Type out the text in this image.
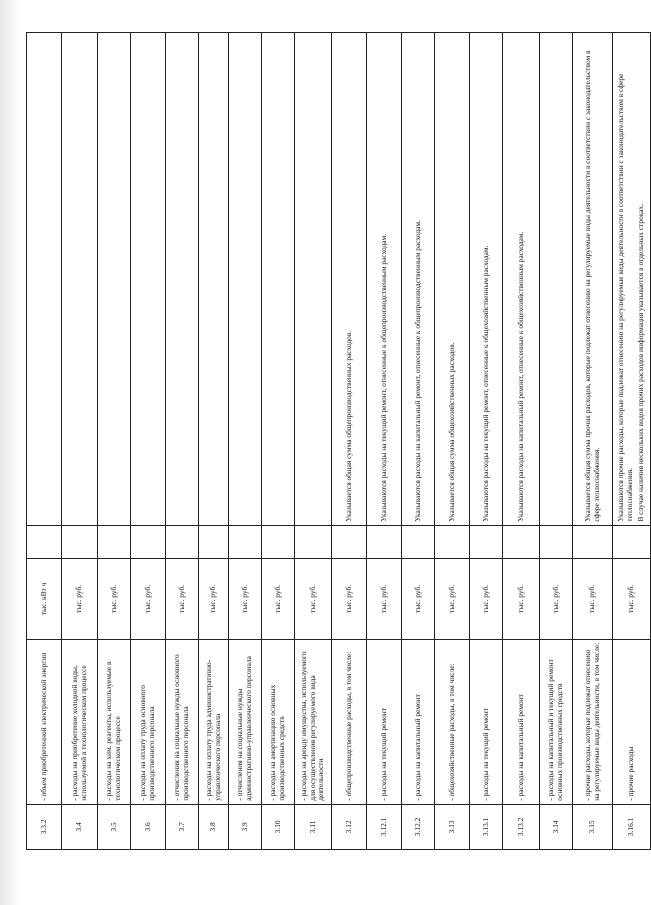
3.3.2	- объем приобретенной электрической энергии	тыс. кВт ч		

3.4	- расходы на приобретение холодной воды, используемой в технологическом процессе	тыс. руб.		

3.5	- расходы на хим. реагенты, используемые в технологическом процессе	тыс. руб.		

3.6	- расходы на оплату труда основного производственного персонала	тыс. руб.		

3.7	- отчисления на социальные нужды основного производственного персонала	тыс. руб.		

3.8	- расходы на оплату труда административно-управленческого персонала	тыс. руб.		

3.9	- отчисления на социальные нужды административно-управленческого персонала	тыс. руб.		

3.10	- расходы на амортизацию основных производственных средств	тыс. руб.		

3.11	- расходы на аренду имущества, используемого для осуществления регулируемого вида деятельности	тыс. руб.		

3.12	- общепроизводственные расходы, в том числе:	тыс. руб.		Указывается общая сумма общепроизводственных расходов.

3.12.1	- расходы на текущий ремонт	тыс. руб.		Указываются расходы на текущий ремонт, отнесенные к общепроизводственным расходам.

3.12.2	- расходы на капитальный ремонт	тыс. руб.		Указываются расходы на капитальный ремонт, отнесенные к общепроизводственным расходам.

3.13	- общехозяйственные расходы, в том числе:	тыс. руб.		Указывается общая сумма общехозяйственных расходов.

3.13.1	- расходы на текущий ремонт	тыс. руб.		Указываются расходы на текущий ремонт, отнесенные к общехозяйственным расходам.

3.13.2	- расходы на капитальный ремонт	тыс. руб.		Указываются расходы на капитальный ремонт, отнесенные к общехозяйственным расходам.

3.14	- расходы на капитальный и текущий ремонт основных производственных средств	тыс. руб.		

3.15	- прочие расходы, которые подлежат отнесению на регулируемые виды деятельности, в том числе:	тыс. руб.		Указывается общая сумма прочих расходов, которые подлежат отнесению на регулируемые виды деятельности в соответствии с законодательством в сфере теплоснабжения.

3.16.1	- прочие расходы	тыс. руб.		Указываются прочие расходы, которые подлежат отнесению на регулируемые виды деятельности в соответствии с законодательством в сфере теплоснабжения. В случае наличия нескольких видов прочих расходов информация указывается в отдельных строках.
